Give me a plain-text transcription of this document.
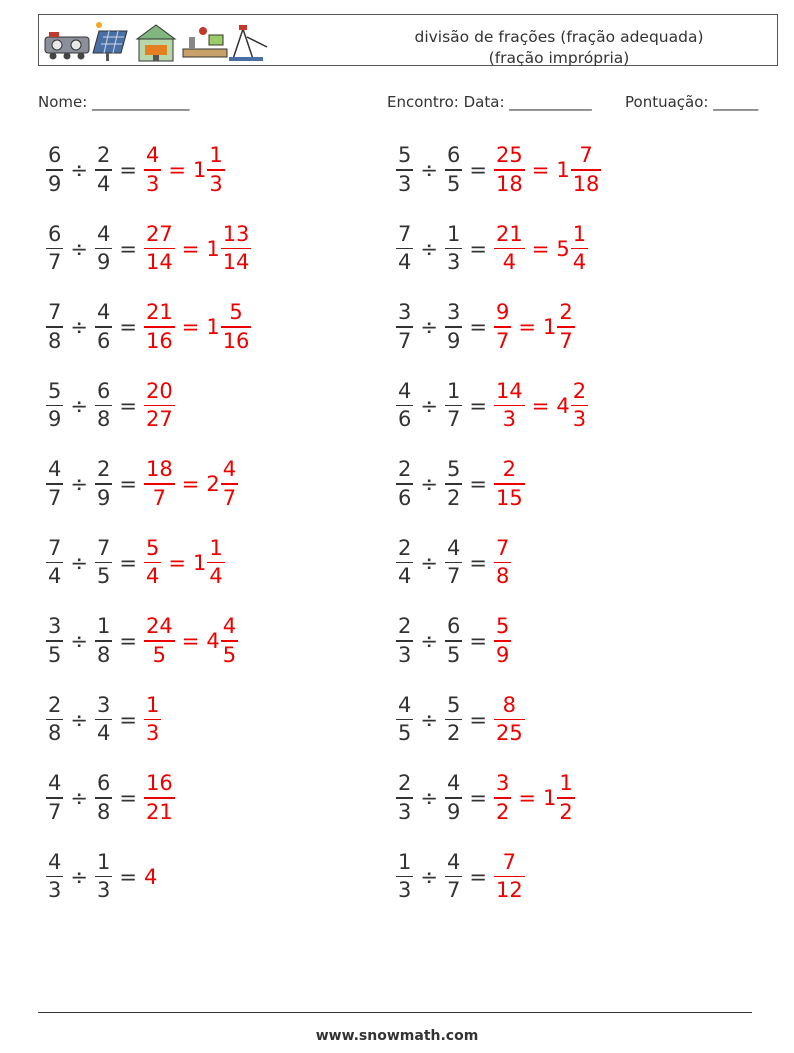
divisão de frações (fração adequada)
(fração imprópria)
Nome: _____________	Encontro: Data: ___________ Pontuação: ______
$\frac{6}{9} \div \frac{2}{4} = \frac{4}{3} = 1 \frac{1}{3}$	$\frac{5}{3} \div \frac{6}{5} = \frac{25}{18} = 1 \frac{7}{18}$
$\frac{6}{7} \div \frac{4}{9} = \frac{27}{14} = 1 \frac{13}{14}$	$\frac{7}{4} \div \frac{1}{3} = \frac{21}{4} = 5 \frac{1}{4}$
$\frac{7}{8} \div \frac{4}{6} = \frac{21}{16} = 1 \frac{5}{16}$	$\frac{3}{7} \div \frac{3}{9} = \frac{9}{7} = 1 \frac{2}{7}$
$\frac{5}{9} \div \frac{6}{8} = \frac{20}{27}$	$\frac{4}{6} \div \frac{1}{7} = \frac{14}{3} = 4 \frac{2}{3}$
$\frac{4}{7} \div \frac{2}{9} = \frac{18}{7} = 2 \frac{4}{7}$	$\frac{2}{6} \div \frac{5}{2} = \frac{2}{15}$
$\frac{7}{4} \div \frac{7}{5} = \frac{5}{4} = 1 \frac{1}{4}$	$\frac{2}{4} \div \frac{4}{7} = \frac{7}{8}$
$\frac{3}{5} \div \frac{1}{8} = \frac{24}{5} = 4 \frac{4}{5}$	$\frac{2}{3} \div \frac{6}{5} = \frac{5}{9}$
$\frac{2}{8} \div \frac{3}{4} = \frac{1}{3}$	$\frac{4}{5} \div \frac{5}{2} = \frac{8}{25}$
$\frac{4}{7} \div \frac{6}{8} = \frac{16}{21}$	$\frac{2}{3} \div \frac{4}{9} = \frac{3}{2} = 1 \frac{1}{2}$
$\frac{4}{3} \div \frac{1}{3} = 4$	$\frac{1}{3} \div \frac{4}{7} = \frac{7}{12}$
www.snowmath.com
